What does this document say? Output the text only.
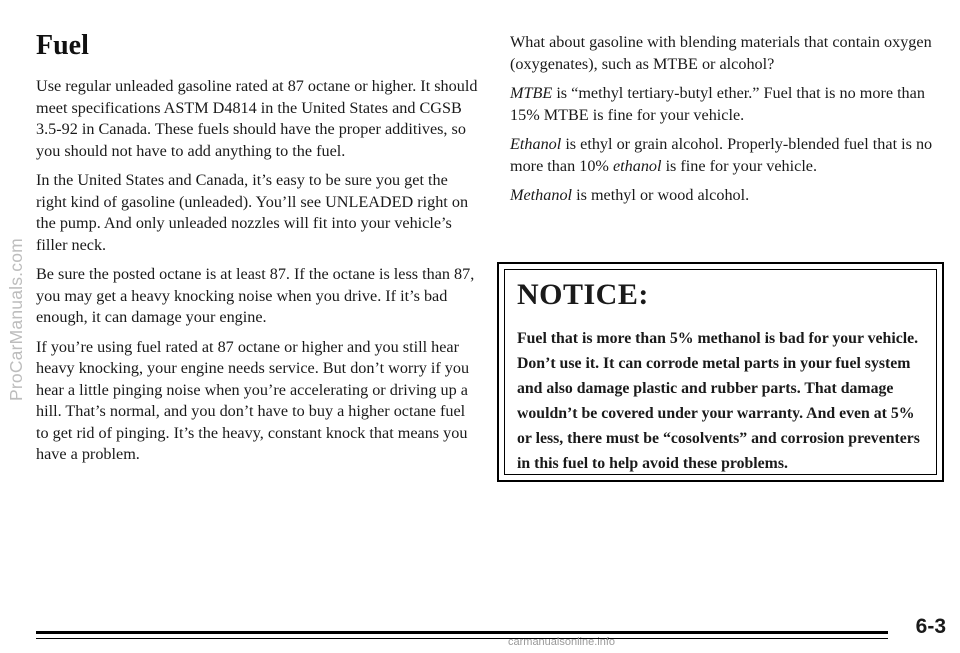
ProCarManuals.com
Fuel

Use regular unleaded gasoline rated at 87 octane or higher. It should meet specifications ASTM D4814 in the United States and CGSB 3.5-92 in Canada. These fuels should have the proper additives, so you should not have to add anything to the fuel.

In the United States and Canada, it’s easy to be sure you get the right kind of gasoline (unleaded). You’ll see UNLEADED right on the pump. And only unleaded nozzles will fit into your vehicle’s filler neck.

Be sure the posted octane is at least 87. If the octane is less than 87, you may get a heavy knocking noise when you drive. If it’s bad enough, it can damage your engine.

If you’re using fuel rated at 87 octane or higher and you still hear heavy knocking, your engine needs service. But don’t worry if you hear a little pinging noise when you’re accelerating or driving up a hill. That’s normal, and you don’t have to buy a higher octane fuel to get rid of pinging. It’s the heavy, constant knock that means you have a problem.

What about gasoline with blending materials that contain oxygen (oxygenates), such as MTBE or alcohol?

MTBE is “methyl tertiary-butyl ether.” Fuel that is no more than 15% MTBE is fine for your vehicle.

Ethanol is ethyl or grain alcohol. Properly-blended fuel that is no more than 10% ethanol is fine for your vehicle.

Methanol is methyl or wood alcohol.

NOTICE:
Fuel that is more than 5% methanol is bad for your vehicle. Don’t use it. It can corrode metal parts in your fuel system and also damage plastic and rubber parts. That damage wouldn’t be covered under your warranty. And even at 5% or less, there must be “cosolvents” and corrosion preventers in this fuel to help avoid these problems.
6-3
carmanualsonline.info
